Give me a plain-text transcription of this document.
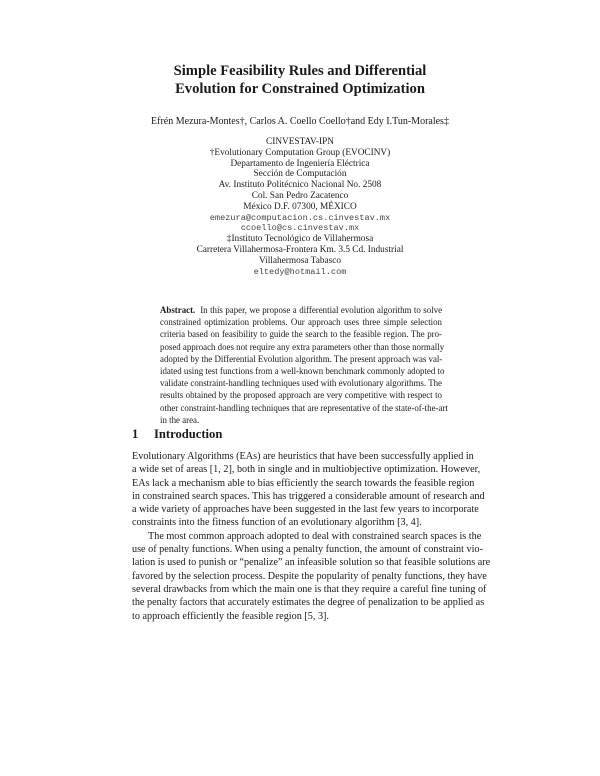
Simple Feasibility Rules and Differential
Evolution for Constrained Optimization
Efrén Mezura-Montes†, Carlos A. Coello Coello†and Edy I.Tun-Morales‡
CINVESTAV-IPN
†Evolutionary Computation Group (EVOCINV)
Departamento de Ingeniería Eléctrica
Sección de Computación
Av. Instituto Politécnico Nacional No. 2508
Col. San Pedro Zacatenco
México D.F. 07300, MÉXICO
emezura@computacion.cs.cinvestav.mx
ccoello@cs.cinvestav.mx
‡Instituto Tecnológico de Villahermosa
Carretera Villahermosa-Frontera Km. 3.5 Cd. Industrial
Villahermosa Tabasco
eltedy@hotmail.com
Abstract. In this paper, we propose a differential evolution algorithm to solve
constrained optimization problems. Our approach uses three simple selection
criteria based on feasibility to guide the search to the feasible region. The pro-
posed approach does not require any extra parameters other than those normally
adopted by the Differential Evolution algorithm. The present approach was val-
idated using test functions from a well-known benchmark commonly adopted to
validate constraint-handling techniques used with evolutionary algorithms. The
results obtained by the proposed approach are very competitive with respect to
other constraint-handling techniques that are representative of the state-of-the-art
in the area.
1 Introduction
Evolutionary Algorithms (EAs) are heuristics that have been successfully applied in
a wide set of areas [1, 2], both in single and in multiobjective optimization. However,
EAs lack a mechanism able to bias efficiently the search towards the feasible region
in constrained search spaces. This has triggered a considerable amount of research and
a wide variety of approaches have been suggested in the last few years to incorporate
constraints into the fitness function of an evolutionary algorithm [3, 4].
The most common approach adopted to deal with constrained search spaces is the
use of penalty functions. When using a penalty function, the amount of constraint vio-
lation is used to punish or “penalize” an infeasible solution so that feasible solutions are
favored by the selection process. Despite the popularity of penalty functions, they have
several drawbacks from which the main one is that they require a careful fine tuning of
the penalty factors that accurately estimates the degree of penalization to be applied as
to approach efficiently the feasible region [5, 3].
